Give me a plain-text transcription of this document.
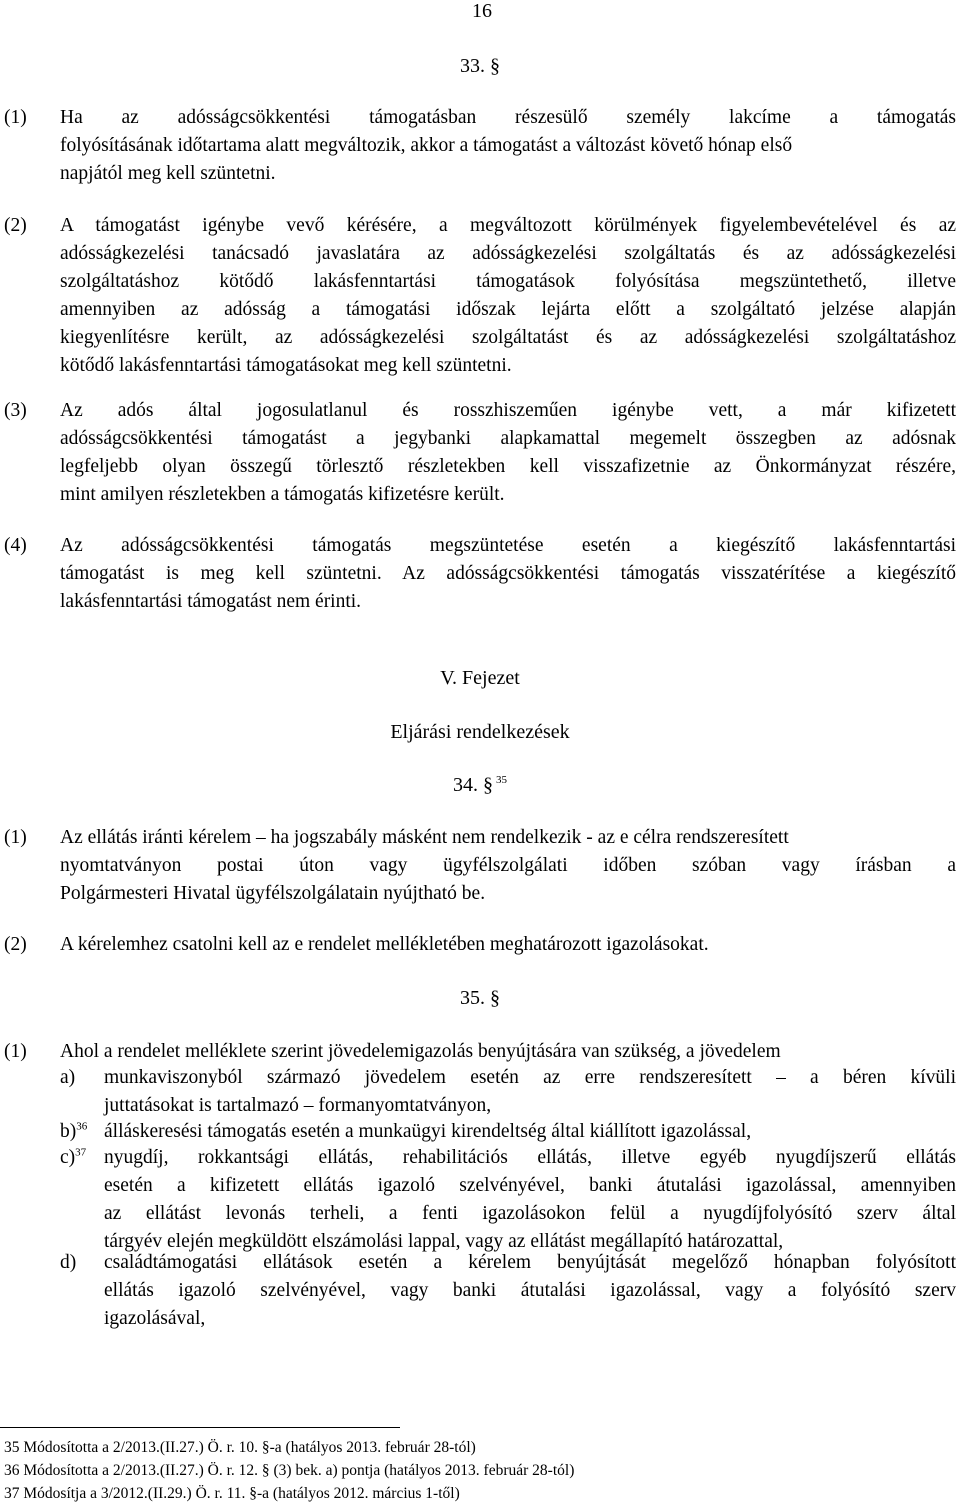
16
33. §
(1) Ha az adósságcsökkentési támogatásban részesülő személy lakcíme a támogatás
folyósításának időtartama alatt megváltozik, akkor a támogatást a változást követő hónap első
napjától meg kell szüntetni.
(2) A támogatást igénybe vevő kérésére, a megváltozott körülmények figyelembevételével és az
adósságkezelési tanácsadó javaslatára az adósságkezelési szolgáltatás és az adósságkezelési
szolgáltatáshoz kötődő lakásfenntartási támogatások folyósítása megszüntethető, illetve
amennyiben az adósság a támogatási időszak lejárta előtt a szolgáltató jelzése alapján
kiegyenlítésre került, az adósságkezelési szolgáltatást és az adósságkezelési szolgáltatáshoz
kötődő lakásfenntartási támogatásokat meg kell szüntetni.
(3) Az adós által jogosulatlanul és rosszhiszeműen igénybe vett, a már kifizetett
adósságcsökkentési támogatást a jegybanki alapkamattal megemelt összegben az adósnak
legfeljebb olyan összegű törlesztő részletekben kell visszafizetnie az Önkormányzat részére,
mint amilyen részletekben a támogatás kifizetésre került.
(4) Az adósságcsökkentési támogatás megszüntetése esetén a kiegészítő lakásfenntartási
támogatást is meg kell szüntetni. Az adósságcsökkentési támogatás visszatérítése a kiegészítő
lakásfenntartási támogatást nem érinti.
V. Fejezet
Eljárási rendelkezések
34. § $^{35}$
(1) Az ellátás iránti kérelem – ha jogszabály másként nem rendelkezik - az e célra rendszeresített
nyomtatványon postai úton vagy ügyfélszolgálati időben szóban vagy írásban a
Polgármesteri Hivatal ügyfélszolgálatain nyújtható be.
(2) A kérelemhez csatolni kell az e rendelet mellékletében meghatározott igazolásokat.
35. §
(1) Ahol a rendelet melléklete szerint jövedelemigazolás benyújtására van szükség, a jövedelem
a) munkaviszonyból származó jövedelem esetén az erre rendszeresített – a béren kívüli
juttatásokat is tartalmazó – formanyomtatványon,
b)$^{36}$ álláskeresési támogatás esetén a munkaügyi kirendeltség által kiállított igazolással,
c)$^{37}$ nyugdíj, rokkantsági ellátás, rehabilitációs ellátás, illetve egyéb nyugdíjszerű ellátás
esetén a kifizetett ellátás igazoló szelvényével, banki átutalási igazolással, amennyiben
az ellátást levonás terheli, a fenti igazolásokon felül a nyugdíjfolyósító szerv által
tárgyév elején megküldött elszámolási lappal, vagy az ellátást megállapító határozattal,
d) családtámogatási ellátások esetén a kérelem benyújtását megelőző hónapban folyósított
ellátás igazoló szelvényével, vagy banki átutalási igazolással, vagy a folyósító szerv
igazolásával,
35 Módosította a 2/2013.(II.27.) Ö. r. 10. §-a (hatályos 2013. február 28-tól)
36 Módosította a 2/2013.(II.27.) Ö. r. 12. § (3) bek. a) pontja (hatályos 2013. február 28-tól)
37 Módosítja a 3/2012.(II.29.) Ö. r. 11. §-a (hatályos 2012. március 1-től)
